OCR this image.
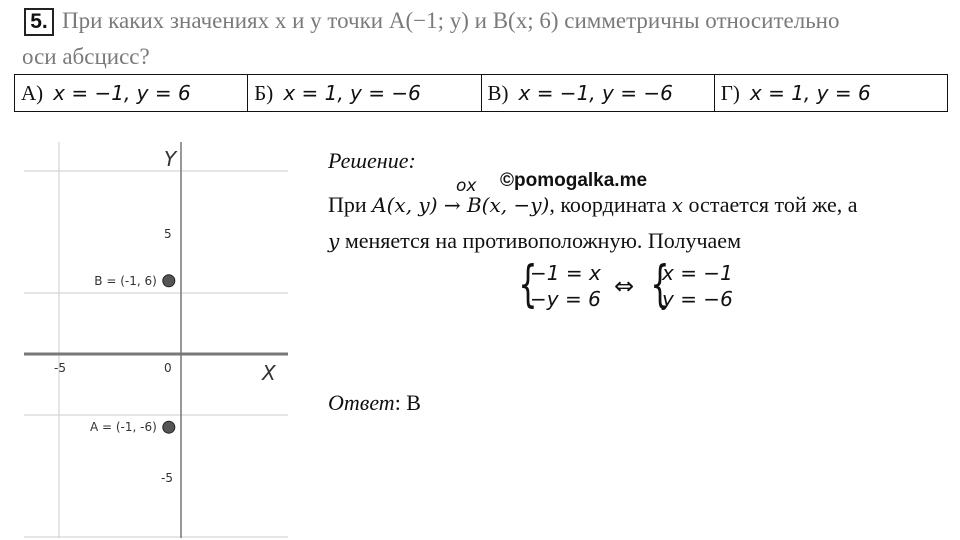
5. При каких значениях x и y точки A(−1; y) и B(x; 6) симметричны относительно
оси абсцисс?
А) x = −1, y = 6	Б) x = 1, y = −6	В) x = −1, y = −6 Г) x = 1, y = 6
X
Y
0
-5
5
-5
B = (-1, 6)
A = (-1, -6)
Решение:
ox ©pomogalka.me
При A(x, y) → B(x, −y), координата x остается той же, а
y меняется на противоположную. Получаем
{
−1 = x
−y = 6 ⇔ {
x = −1
y = −6
Ответ: В
